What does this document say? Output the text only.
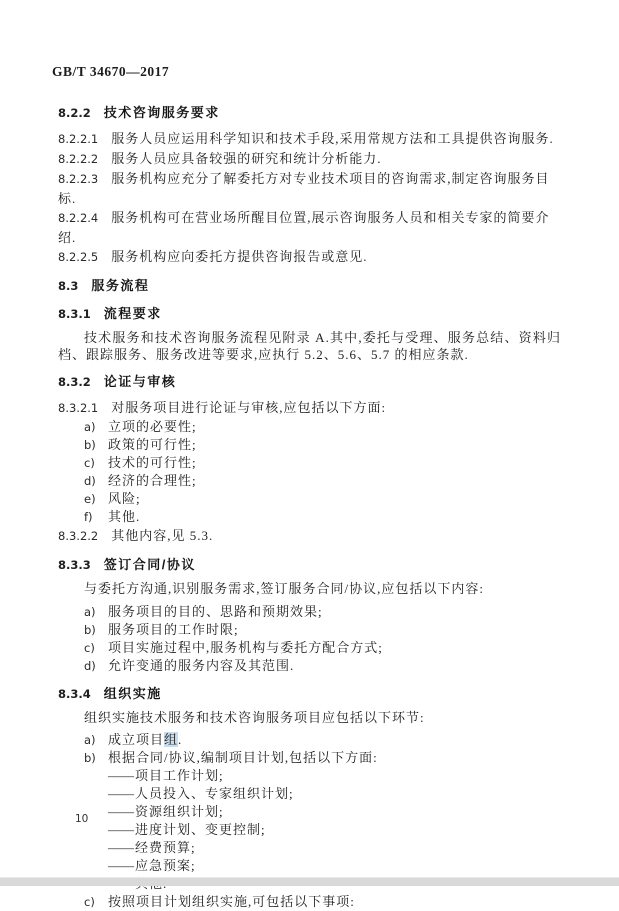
GB/T 34670—2017
8.2.2 技术咨询服务要求
8.2.2.1 服务人员应运用科学知识和技术手段,采用常规方法和工具提供咨询服务.
8.2.2.2 服务人员应具备较强的研究和统计分析能力.
8.2.2.3 服务机构应充分了解委托方对专业技术项目的咨询需求,制定咨询服务目标.
8.2.2.4 服务机构可在营业场所醒目位置,展示咨询服务人员和相关专家的简要介绍.
8.2.2.5 服务机构应向委托方提供咨询报告或意见.
8.3 服务流程
8.3.1 流程要求
技术服务和技术咨询服务流程见附录 A.其中,委托与受理、服务总结、资料归档、跟踪服务、服务改进等要求,应执行 5.2、5.6、5.7 的相应条款.
8.3.2 论证与审核
8.3.2.1 对服务项目进行论证与审核,应包括以下方面:
a) 立项的必要性;
b) 政策的可行性;
c) 技术的可行性;
d) 经济的合理性;
e) 风险;
f) 其他.
8.3.2.2 其他内容,见 5.3.
8.3.3 签订合同/协议
与委托方沟通,识别服务需求,签订服务合同/协议,应包括以下内容:
a) 服务项目的目的、思路和预期效果;
b) 服务项目的工作时限;
c) 项目实施过程中,服务机构与委托方配合方式;
d) 允许变通的服务内容及其范围.
8.3.4 组织实施
组织实施技术服务和技术咨询服务项目应包括以下环节:
a) 成立项目组.
b) 根据合同/协议,编制项目计划,包括以下方面:
——项目工作计划;
——人员投入、专家组织计划;
——资源组织计划;
——进度计划、变更控制;
——经费预算;
——应急预案;
c) 按照项目计划组织实施,可包括以下事项:
10
